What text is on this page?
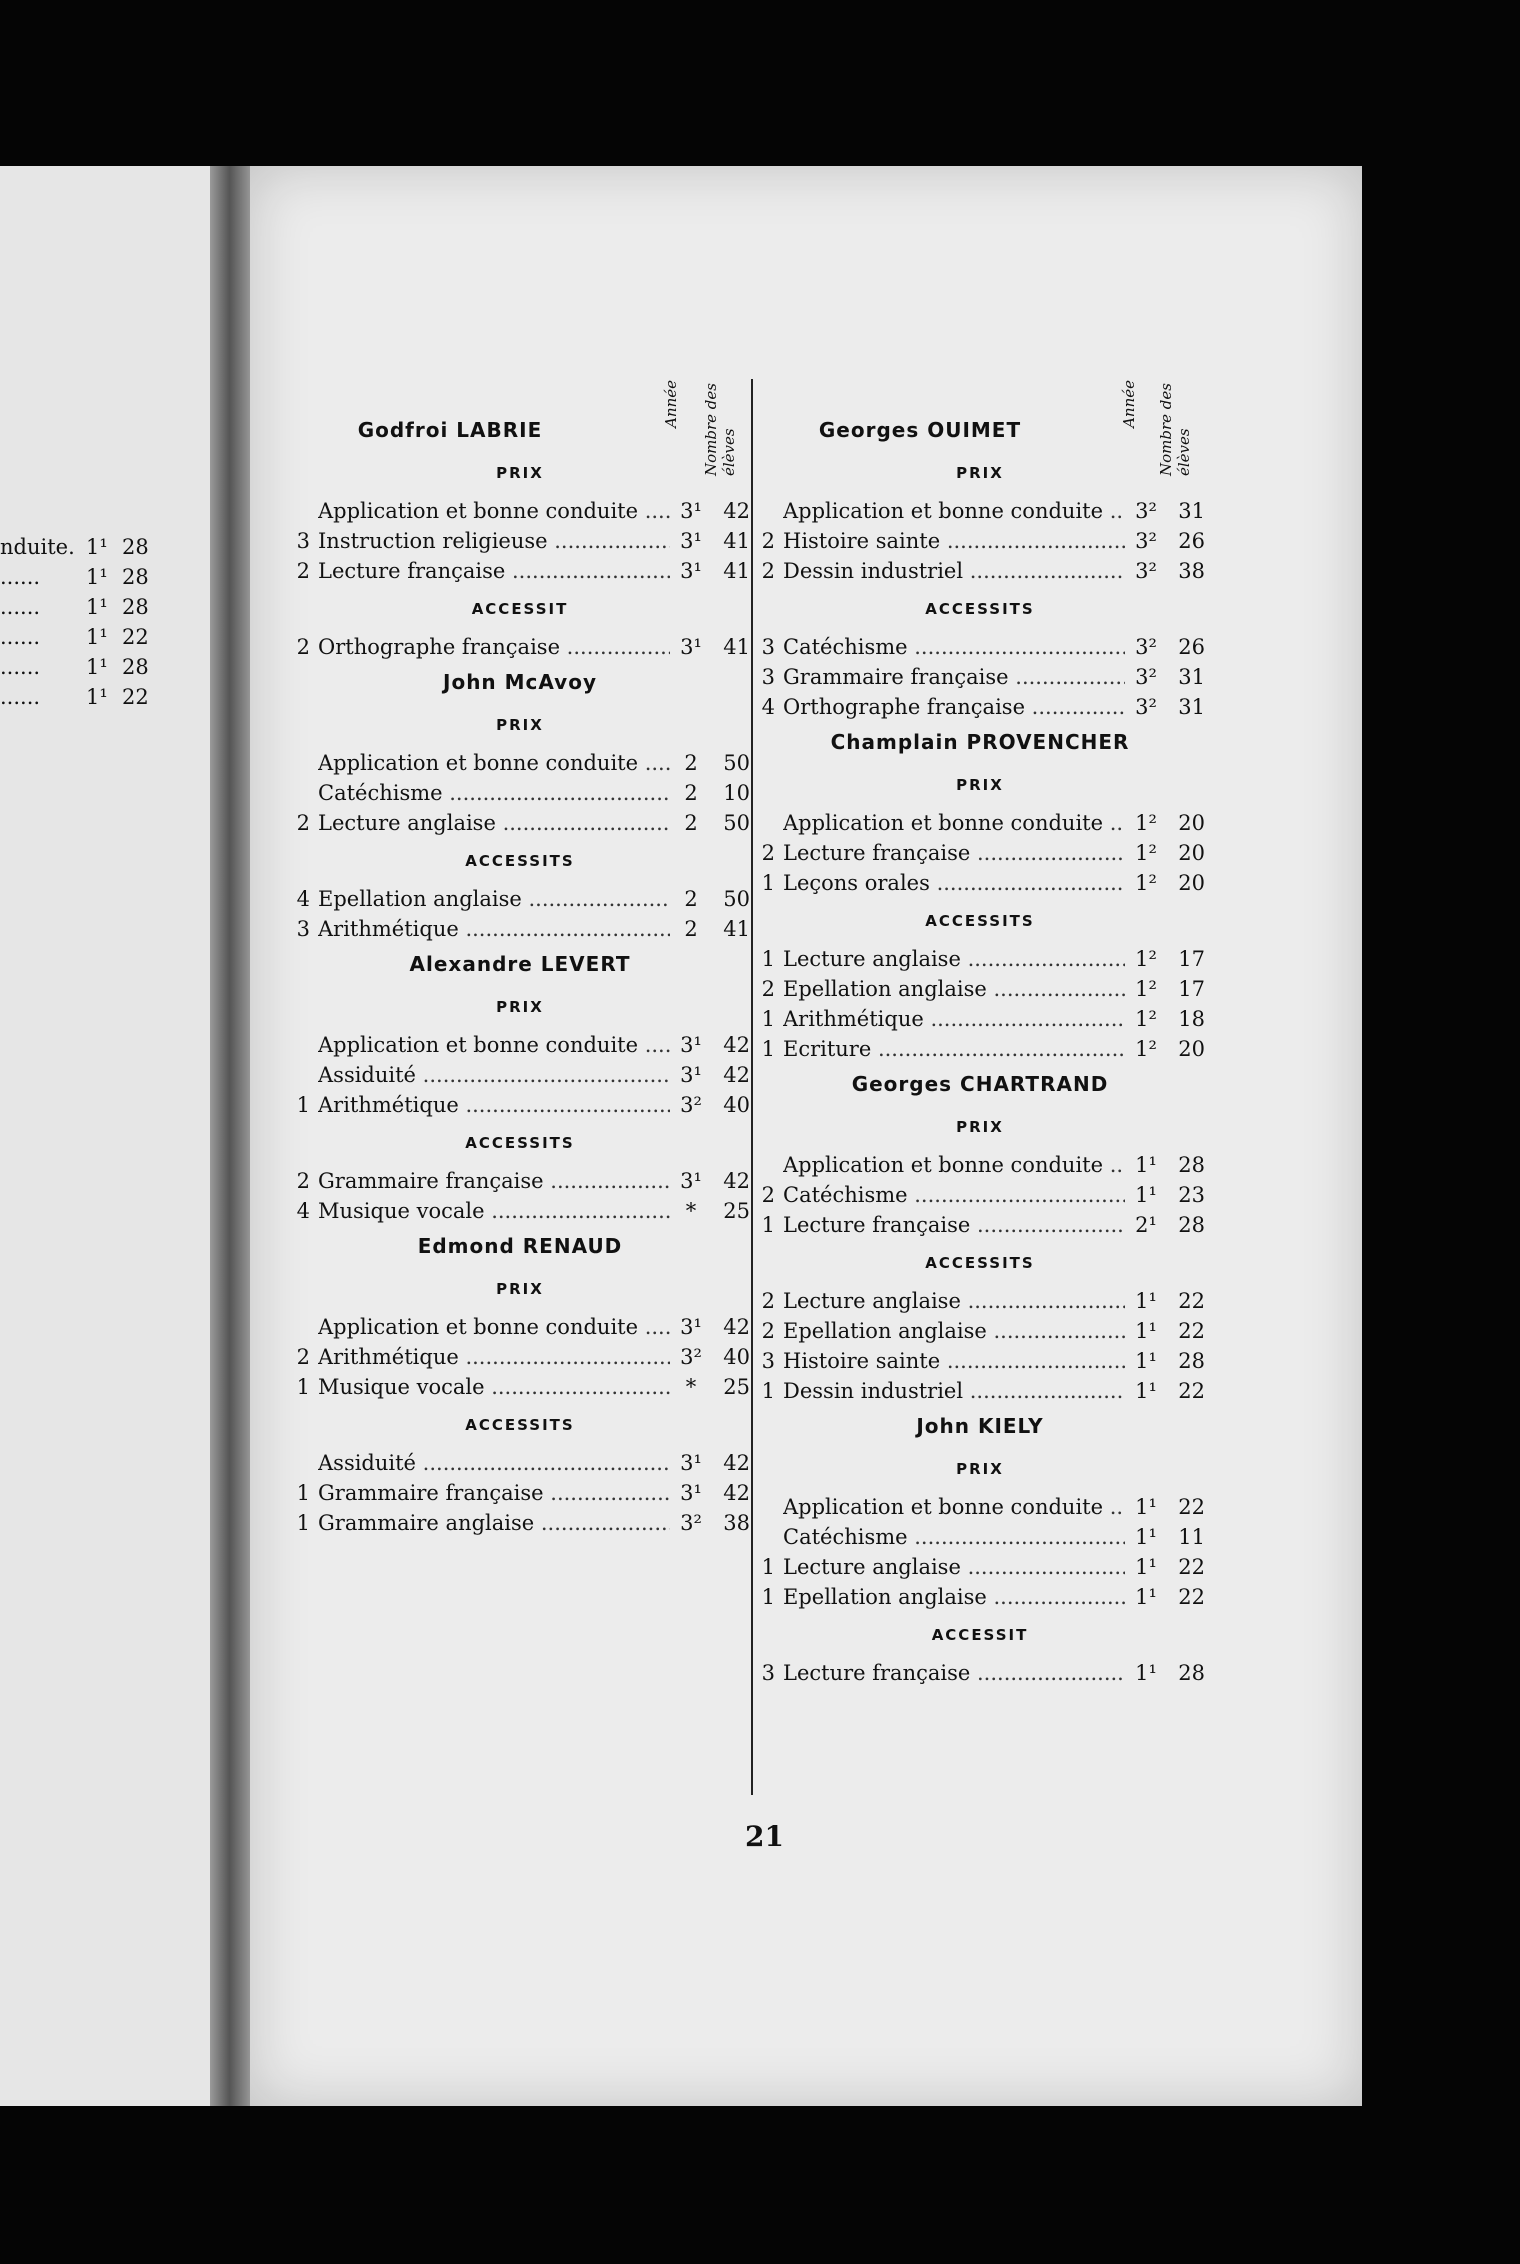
nduite. 1¹ 28
...... 1¹ 28
...... 1¹ 28
...... 1¹ 22
...... 1¹ 28
...... 1¹ 22
Godfroi LABRIE
Année Nombre des élèves
PRIX
Application et bonne conduite .....	3¹	42
3 Instruction religieuse .....	3¹	41
2 Lecture française .....	3¹	41
ACCESSIT
2 Orthographe française .....	3¹	41
John McAvoy
PRIX
Application et bonne conduite .....	2	50
Catéchisme .....	2	10
2 Lecture anglaise .....	2	50
ACCESSITS
4 Epellation anglaise .....	2	50
3 Arithmétique .....	2	41
Alexandre LEVERT
PRIX
Application et bonne conduite .....	3¹	42
Assiduité .....	3¹	42
1 Arithmétique .....	3²	40
ACCESSITS
2 Grammaire française .....	3¹	42
4 Musique vocale .....	*	25
Edmond RENAUD
PRIX
Application et bonne conduite .....	3¹	42
2 Arithmétique .....	3²	40
1 Musique vocale .....	*	25
ACCESSITS
Assiduité .....	3¹	42
1 Grammaire française .....	3¹	42
1 Grammaire anglaise .....	3²	38
Georges OUIMET
Année Nombre des élèves
PRIX
Application et bonne conduite .....	3²	31
2 Histoire sainte .....	3²	26
2 Dessin industriel .....	3²	38
ACCESSITS
3 Catéchisme .....	3²	26
3 Grammaire française .....	3²	31
4 Orthographe française .....	3²	31
Champlain PROVENCHER
PRIX
Application et bonne conduite .....	1²	20
2 Lecture française .....	1²	20
1 Leçons orales .....	1²	20
ACCESSITS
1 Lecture anglaise .....	1²	17
2 Epellation anglaise .....	1²	17
1 Arithmétique .....	1²	18
1 Ecriture .....	1²	20
Georges CHARTRAND
PRIX
Application et bonne conduite .....	1¹	28
2 Catéchisme .....	1¹	23
1 Lecture française .....	2¹	28
ACCESSITS
2 Lecture anglaise .....	1¹	22
2 Epellation anglaise .....	1¹	22
3 Histoire sainte .....	1¹	28
1 Dessin industriel .....	1¹	22
John KIELY
PRIX
Application et bonne conduite .....	1¹	22
Catéchisme .....	1¹	11
1 Lecture anglaise .....	1¹	22
1 Epellation anglaise .....	1¹	22
ACCESSIT
3 Lecture française .....	1¹	28
21
